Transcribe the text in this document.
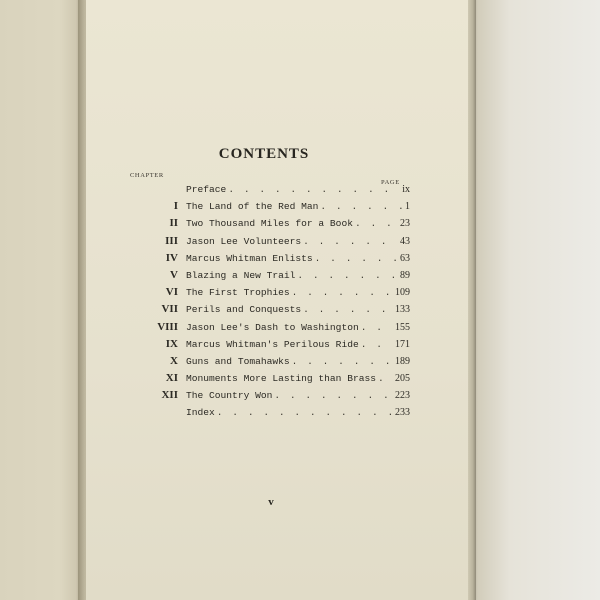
CONTENTS
CHAPTER
PAGE
Preface . . .	ix
I The Land of the Red Man . . .	1
II Two Thousand Miles for a Book . . .	23
III Jason Lee Volunteers . . .	43
IV Marcus Whitman Enlists . . .	63
V Blazing a New Trail . . .	89
VI The First Trophies . . .	109
VII Perils and Conquests . . .	133
VIII Jason Lee's Dash to Washington . . .	155
IX Marcus Whitman's Perilous Ride . . .	171
X Guns and Tomahawks . . .	189
XI Monuments More Lasting than Brass . . . 205
XII The Country Won . . .	223
Index . . .	233
v
